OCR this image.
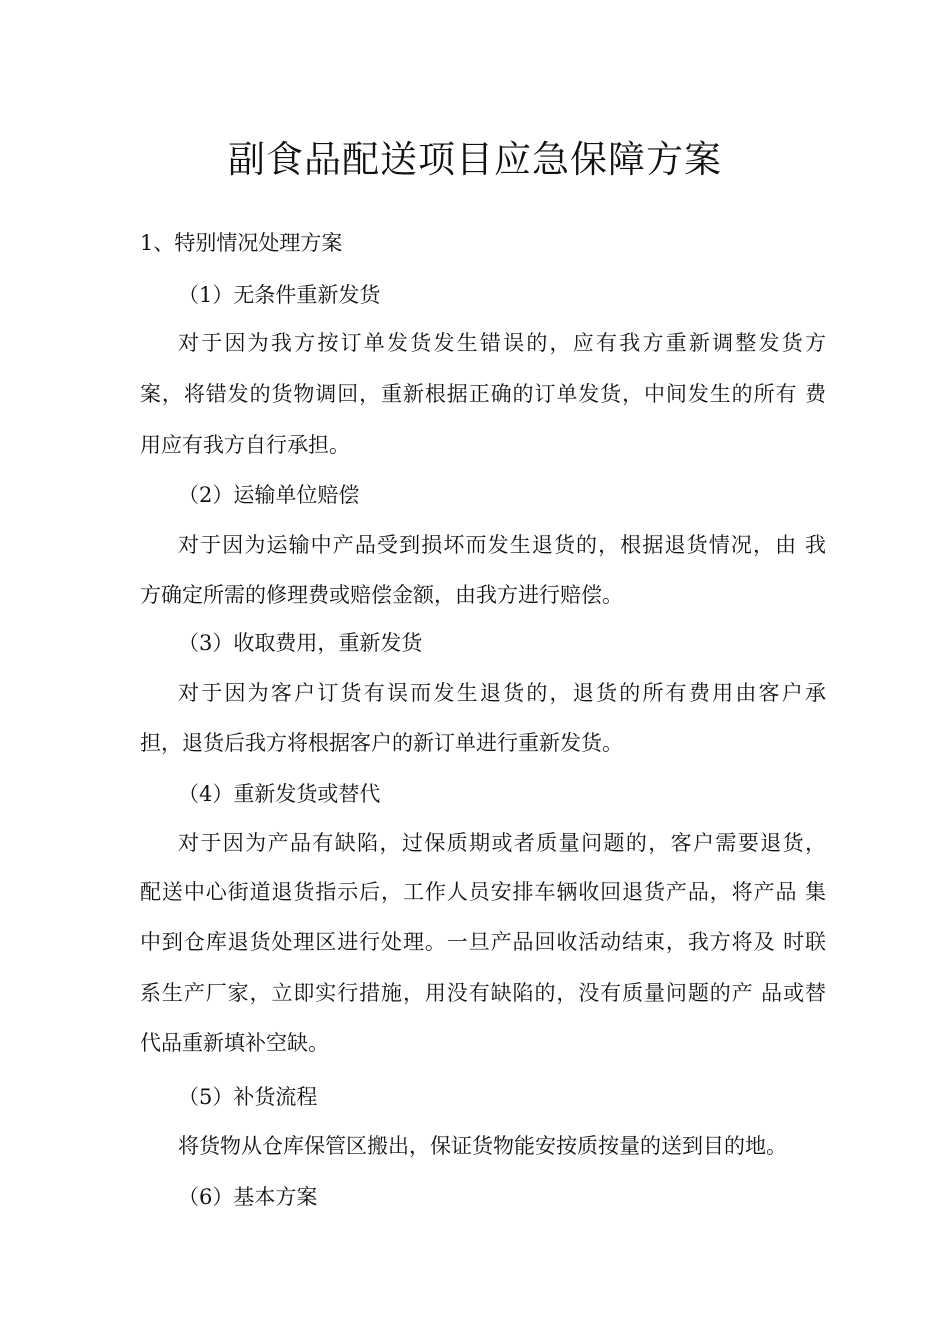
副食品配送项目应急保障方案
1、特别情况处理方案
（1）无条件重新发货
对于因为我方按订单发货发生错误的，应有我方重新调整发货方
案，将错发的货物调回，重新根据正确的订单发货，中间发生的所有 费
用应有我方自行承担。
（2）运输单位赔偿
对于因为运输中产品受到损坏而发生退货的，根据退货情况，由 我
方确定所需的修理费或赔偿金额，由我方进行赔偿。
（3）收取费用，重新发货
对于因为客户订货有误而发生退货的，退货的所有费用由客户承
担，退货后我方将根据客户的新订单进行重新发货。
（4）重新发货或替代
对于因为产品有缺陷，过保质期或者质量问题的，客户需要退货，
配送中心街道退货指示后，工作人员安排车辆收回退货产品，将产品 集
中到仓库退货处理区进行处理。一旦产品回收活动结束，我方将及 时联
系生产厂家，立即实行措施，用没有缺陷的，没有质量问题的产 品或替
代品重新填补空缺。
（5）补货流程
将货物从仓库保管区搬出，保证货物能安按质按量的送到目的地。
（6）基本方案
